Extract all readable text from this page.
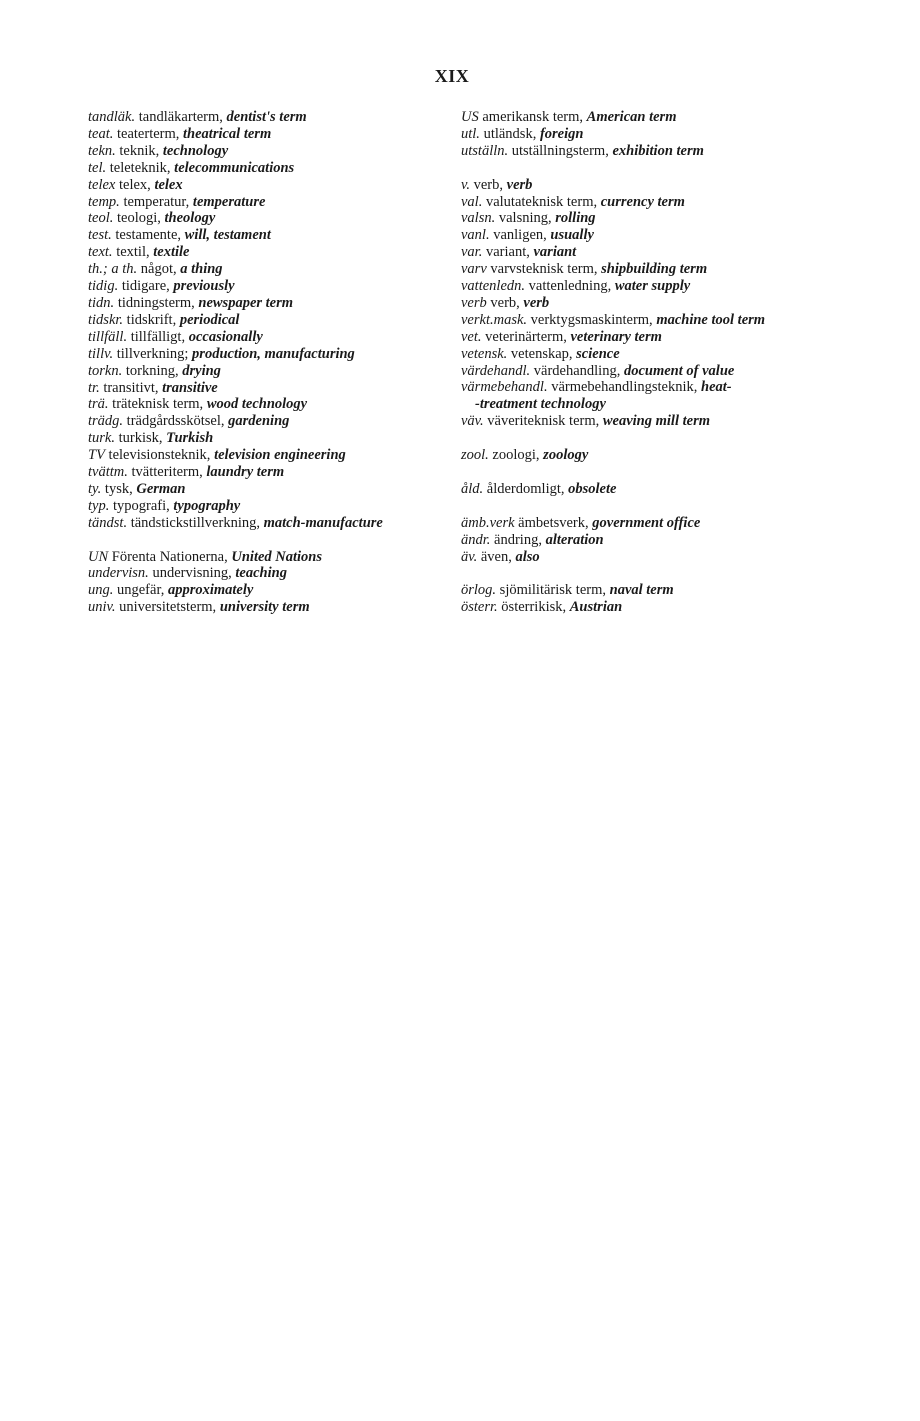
XIX
tandläk. tandläkarterm, dentist's term
teat. teaterterm, theatrical term
tekn. teknik, technology
tel. teleteknik, telecommunications
telex telex, telex
temp. temperatur, temperature
teol. teologi, theology
test. testamente, will, testament
text. textil, textile
th.; a th. något, a thing
tidig. tidigare, previously
tidn. tidningsterm, newspaper term
tidskr. tidskrift, periodical
tillfäll. tillfälligt, occasionally
tillv. tillverkning; production, manufacturing
torkn. torkning, drying
tr. transitivt, transitive
trä. träteknisk term, wood technology
trädg. trädgårdsskötsel, gardening
turk. turkisk, Turkish
TV televisionsteknik, television engineering
tvättm. tvätteriterm, laundry term
ty. tysk, German
typ. typografi, typography
tändst. tändstickstillverkning, match-manufacture
UN Förenta Nationerna, United Nations
undervisn. undervisning, teaching
ung. ungefär, approximately
univ. universitetsterm, university term
US amerikansk term, American term
utl. utländsk, foreign
utställn. utställningsterm, exhibition term
v. verb, verb
val. valutateknisk term, currency term
valsn. valsning, rolling
vanl. vanligen, usually
var. variant, variant
varv varvsteknisk term, shipbuilding term
vattenledn. vattenledning, water supply
verb verb, verb
verkt.mask. verktygsmaskinterm, machine tool term
vet. veterinärterm, veterinary term
vetensk. vetenskap, science
värdehandl. värdehandling, document of value
värmebehandl. värmebehandlingsteknik, heat-
-treatment technology
väv. väveriteknisk term, weaving mill term
zool. zoologi, zoology
åld. ålderdomligt, obsolete
ämb.verk ämbetsverk, government office
ändr. ändring, alteration
äv. även, also
örlog. sjömilitärisk term, naval term
österr. österrikisk, Austrian
